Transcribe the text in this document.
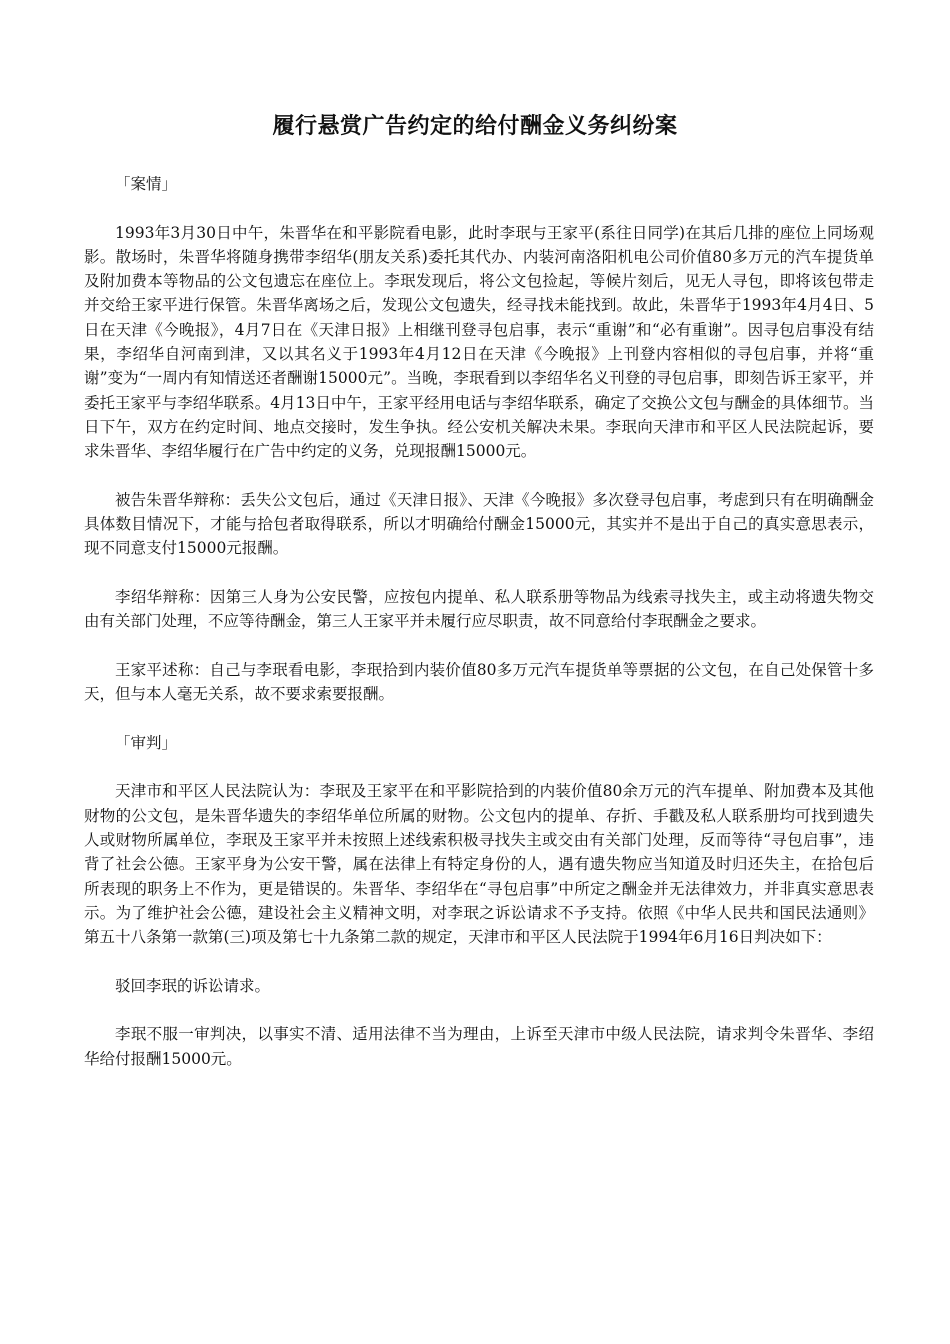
履行悬赏广告约定的给付酬金义务纠纷案

「案情」

1993年3月30日中午，朱晋华在和平影院看电影，此时李珉与王家平(系往日同学)在其后几排的座位上同场观影。散场时，朱晋华将随身携带李绍华(朋友关系)委托其代办、内装河南洛阳机电公司价值80多万元的汽车提货单及附加费本等物品的公文包遗忘在座位上。李珉发现后，将公文包捡起，等候片刻后，见无人寻包，即将该包带走并交给王家平进行保管。朱晋华离场之后，发现公文包遗失，经寻找未能找到。故此，朱晋华于1993年4月4日、5日在天津《今晚报》，4月7日在《天津日报》上相继刊登寻包启事，表示“重谢”和“必有重谢”。因寻包启事没有结果，李绍华自河南到津，又以其名义于1993年4月12日在天津《今晚报》上刊登内容相似的寻包启事，并将“重谢”变为“一周内有知情送还者酬谢15000元”。当晚，李珉看到以李绍华名义刊登的寻包启事，即刻告诉王家平，并委托王家平与李绍华联系。4月13日中午，王家平经用电话与李绍华联系，确定了交换公文包与酬金的具体细节。当日下午，双方在约定时间、地点交接时，发生争执。经公安机关解决未果。李珉向天津市和平区人民法院起诉，要求朱晋华、李绍华履行在广告中约定的义务，兑现报酬15000元。

被告朱晋华辩称：丢失公文包后，通过《天津日报》、天津《今晚报》多次登寻包启事，考虑到只有在明确酬金具体数目情况下，才能与拾包者取得联系，所以才明确给付酬金15000元，其实并不是出于自己的真实意思表示，现不同意支付15000元报酬。

李绍华辩称：因第三人身为公安民警，应按包内提单、私人联系册等物品为线索寻找失主，或主动将遗失物交由有关部门处理，不应等待酬金，第三人王家平并未履行应尽职责，故不同意给付李珉酬金之要求。

王家平述称：自己与李珉看电影，李珉拾到内装价值80多万元汽车提货单等票据的公文包，在自己处保管十多天，但与本人毫无关系，故不要求索要报酬。

「审判」

天津市和平区人民法院认为：李珉及王家平在和平影院拾到的内装价值80余万元的汽车提单、附加费本及其他财物的公文包，是朱晋华遗失的李绍华单位所属的财物。公文包内的提单、存折、手戳及私人联系册均可找到遗失人或财物所属单位，李珉及王家平并未按照上述线索积极寻找失主或交由有关部门处理，反而等待“寻包启事”，违背了社会公德。王家平身为公安干警，属在法律上有特定身份的人，遇有遗失物应当知道及时归还失主，在拾包后所表现的职务上不作为，更是错误的。朱晋华、李绍华在“寻包启事”中所定之酬金并无法律效力，并非真实意思表示。为了维护社会公德，建设社会主义精神文明，对李珉之诉讼请求不予支持。依照《中华人民共和国民法通则》第五十八条第一款第(三)项及第七十九条第二款的规定，天津市和平区人民法院于1994年6月16日判决如下：

驳回李珉的诉讼请求。

李珉不服一审判决，以事实不清、适用法律不当为理由，上诉至天津市中级人民法院，请求判令朱晋华、李绍华给付报酬15000元。
